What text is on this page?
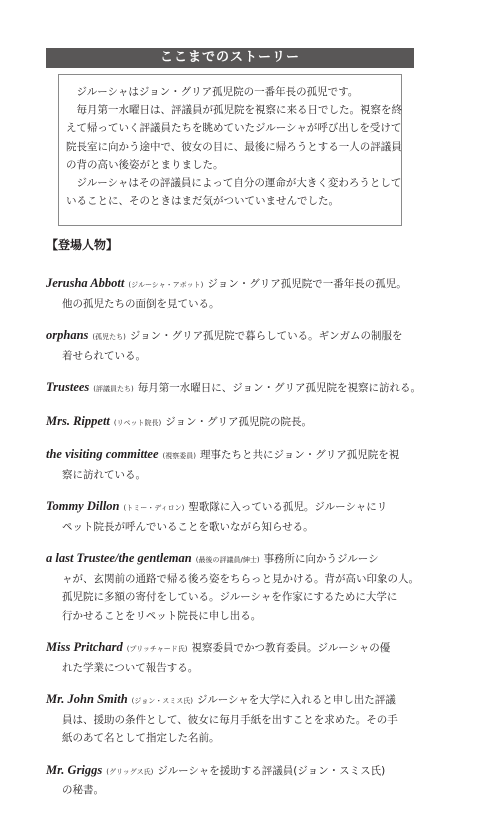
ここまでのストーリー

ジルーシャはジョン・グリア孤児院の一番年長の孤児です。

毎月第一水曜日は、評議員が孤児院を視察に来る日でした。視察を終

えて帰っていく評議員たちを眺めていたジルーシャが呼び出しを受けて

院長室に向かう途中で、彼女の目に、最後に帰ろうとする一人の評議員

の背の高い後姿がとまりました。

ジルーシャはその評議員によって自分の運命が大きく変わろうとして

いることに、そのときはまだ気がついていませんでした。

【登場人物】
Jerusha Abbott (ジルーシャ・アボット) ジョン・グリア孤児院で一番年長の孤児。
他の孤児たちの面倒を見ている。
orphans (孤児たち) ジョン・グリア孤児院で暮らしている。ギンガムの制服を
着せられている。
Trustees (評議員たち) 毎月第一水曜日に、ジョン・グリア孤児院を視察に訪れる。
Mrs. Rippett (リペット院長) ジョン・グリア孤児院の院長。
the visiting committee (視察委員) 理事たちと共にジョン・グリア孤児院を視
察に訪れている。
Tommy Dillon (トミー・ディロン) 聖歌隊に入っている孤児。ジルーシャにリ
ペット院長が呼んでいることを歌いながら知らせる。
a last Trustee/the gentleman (最後の評議員/紳士) 事務所に向かうジルーシ
ャが、玄関前の通路で帰る後ろ姿をちらっと見かける。背が高い印象の人。
孤児院に多額の寄付をしている。ジルーシャを作家にするために大学に
行かせることをリペット院長に申し出る。
Miss Pritchard (プリッチャード氏) 視察委員でかつ教育委員。ジルーシャの優
れた学業について報告する。
Mr. John Smith (ジョン・スミス氏) ジルーシャを大学に入れると申し出た評議
員は、援助の条件として、彼女に毎月手紙を出すことを求めた。その手
紙のあて名として指定した名前。
Mr. Griggs (グリッグス氏) ジルーシャを援助する評議員(ジョン・スミス氏)
の秘書。
